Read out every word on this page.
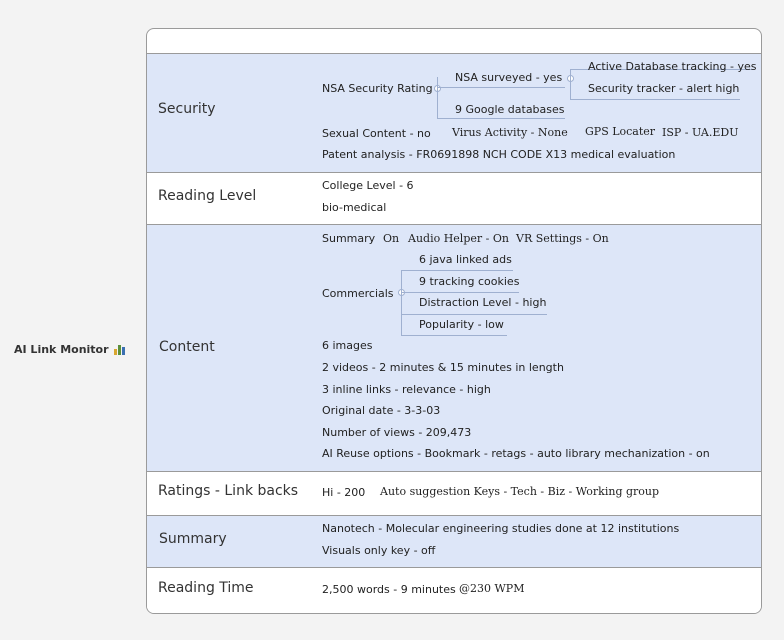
AI Link Monitor
Security
NSA Security Rating
NSA surveyed - yes
Active Database tracking - yes
Security tracker - alert high
9 Google databases
Sexual Content - no Virus Activity - None GPS Locater ISP - UA.EDU
Patent analysis - FR0691898 NCH CODE X13 medical evaluation
Reading Level
College Level - 6
bio-medical
Content
Summary On Audio Helper - On VR Settings - On
Commercials
6 java linked ads
9 tracking cookies
Distraction Level - high
Popularity - low
6 images
2 videos - 2 minutes & 15 minutes in length
3 inline links - relevance - high
Original date - 3-3-03
Number of views - 209,473
AI Reuse options - Bookmark - retags - auto library mechanization - on
Ratings - Link backs Hi - 200 Auto suggestion Keys - Tech - Biz - Working group
Summary
Nanotech - Molecular engineering studies done at 12 institutions
Visuals only key - off
Reading Time	2,500 words - 9 minutes @230 WPM
